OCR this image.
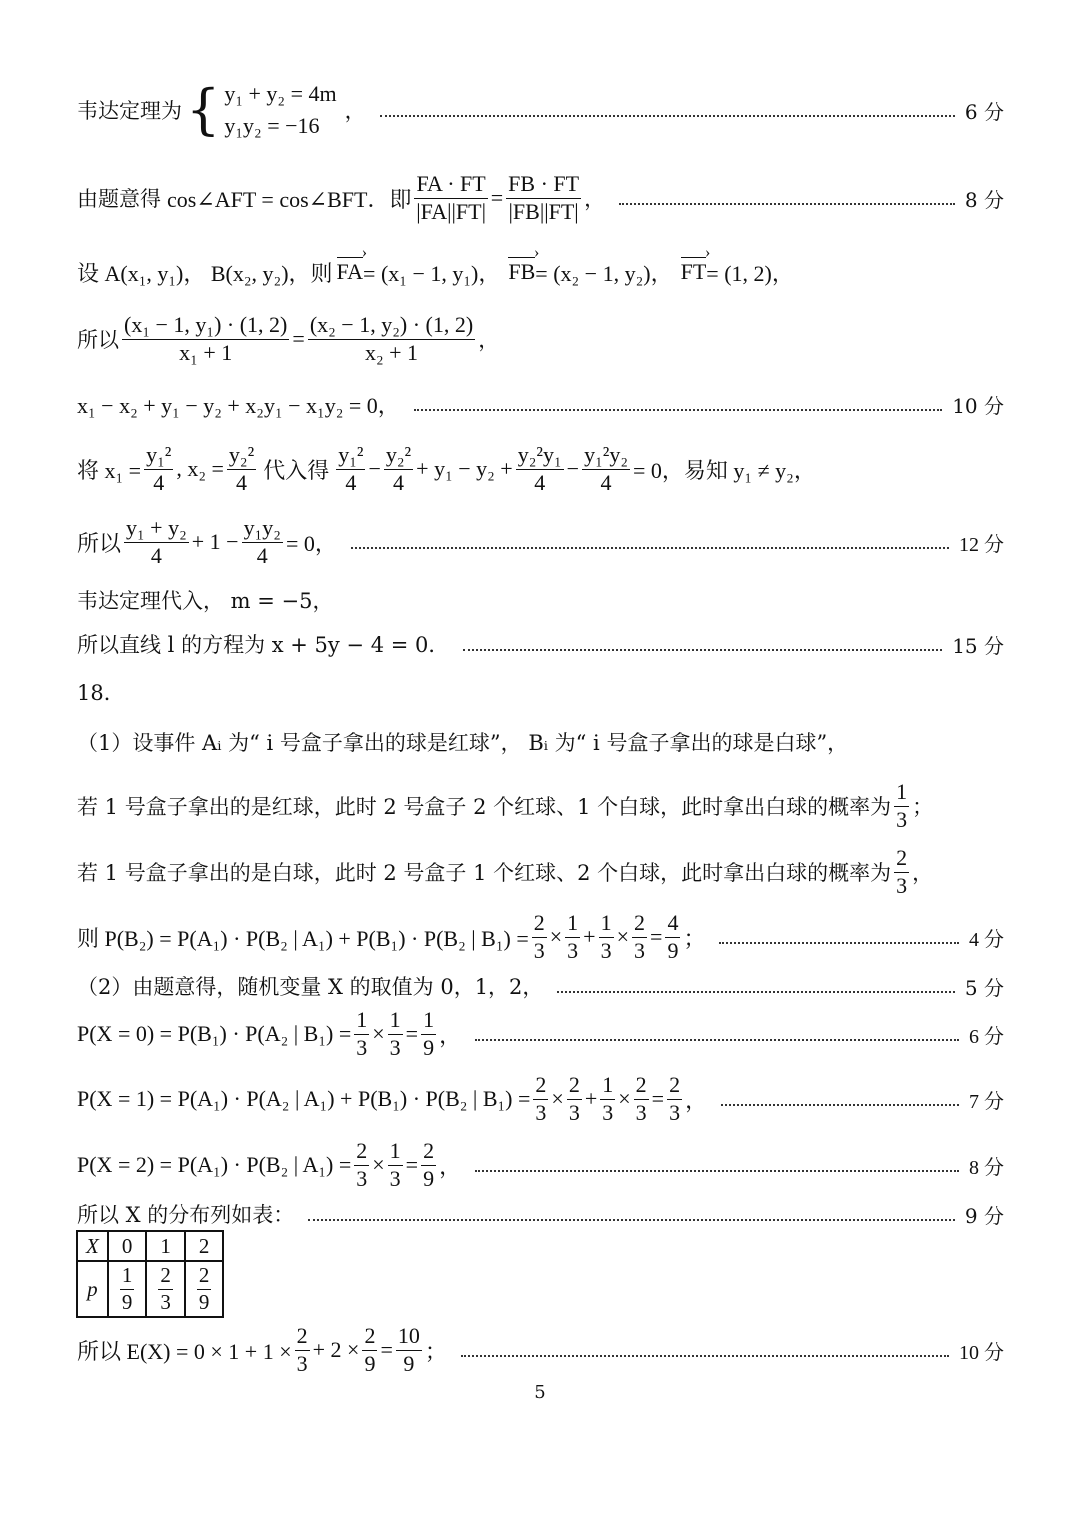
韦达定理为 { y₁ + y₂ = 4m
y₁y₂ = −16
，	6 分
由题意得 cos∠AFT = cos∠BFT．即 $\frac{FA \cdot FT}{|FA||FT|} = \frac{FB \cdot FT}{|FB||FT|}$ ，	8 分
设 A(x₁, y₁)， B(x₂, y₂)，则 FA › = (x₁ − 1, y₁)， FB › = (x₂ − 1, y₂)， FT › = (1, 2)，
所以 $\frac{\text{(x₁ − 1, y₁) · (1, 2)}}{\text{x₁ + 1}} = \frac{\text{(x₂ − 1, y₂) · (1, 2)}}{\text{x₂ + 1}}$ ，
x₁ − x₂ + y₁ − y₂ + x₂y₁ − x₁y₂ = 0，	10 分
将 $x_1 = \frac{\text{y₁²}}{4}$ , $x_2 = \frac{\text{y₂²}}{4}$ 代入得 $\frac{\text{y₁²}}{4} - \frac{\text{y₂²}}{4} + y_1 - y_2 + \frac{\text{y₂²y₁}}{4} - \frac{\text{y₁²y₂}}{4} = 0$，易知 y₁ ≠ y₂，
所以 $\frac{\text{y₁ + y₂}}{4} + 1 - \frac{\text{y₁y₂}}{4} = 0$，	12 分
韦达定理代入， m = −5，
所以直线 l 的方程为 x + 5y − 4 = 0．	15 分
18．
（1）设事件 Aᵢ 为“ i 号盒子拿出的球是红球”， Bᵢ 为“ i 号盒子拿出的球是白球”，
若 1 号盒子拿出的是红球，此时 2 号盒子 2 个红球、1 个白球，此时拿出白球的概率为 $\frac{1}{3}$ ；
若 1 号盒子拿出的是白球，此时 2 号盒子 1 个红球、2 个白球，此时拿出白球的概率为 $\frac{2}{3}$ ，
则 P(B₂) = P(A₁) · P(B₂ | A₁) + P(B₁) · P(B₂ | $B_1) = \frac{2}{3} \times \frac{1}{3} + \frac{1}{3} \times \frac{2}{3} = \frac{4}{9}$ ；	4 分
（2）由题意得，随机变量 X 的取值为 0，1，2，	5 分
P(X = 0) = P(B₁) · P(A₂ | $B_1) = \frac{1}{3} \times \frac{1}{3} = \frac{1}{9}$ ，	6 分
P(X = 1) = P(A₁) · P(A₂ | A₁) + P(B₁) · P(B₂ | $B_1) = \frac{2}{3} \times \frac{2}{3} + \frac{1}{3} \times \frac{2}{3} = \frac{2}{3}$ ，	7 分
P(X = 2) = P(A₁) · P(B₂ | $A_1) = \frac{2}{3} \times \frac{1}{3} = \frac{2}{9}$ ，	8 分
所以 X 的分布列如表：	9 分
X	0	1	2
p	$\frac{1}{9}$	$\frac{2}{3}$	$\frac{2}{9}$
所以 $E(X) = 0 \times 1 + 1 \times \frac{2}{3} + 2 \times \frac{2}{9} = \frac{10}{9}$ ；	10 分
5
